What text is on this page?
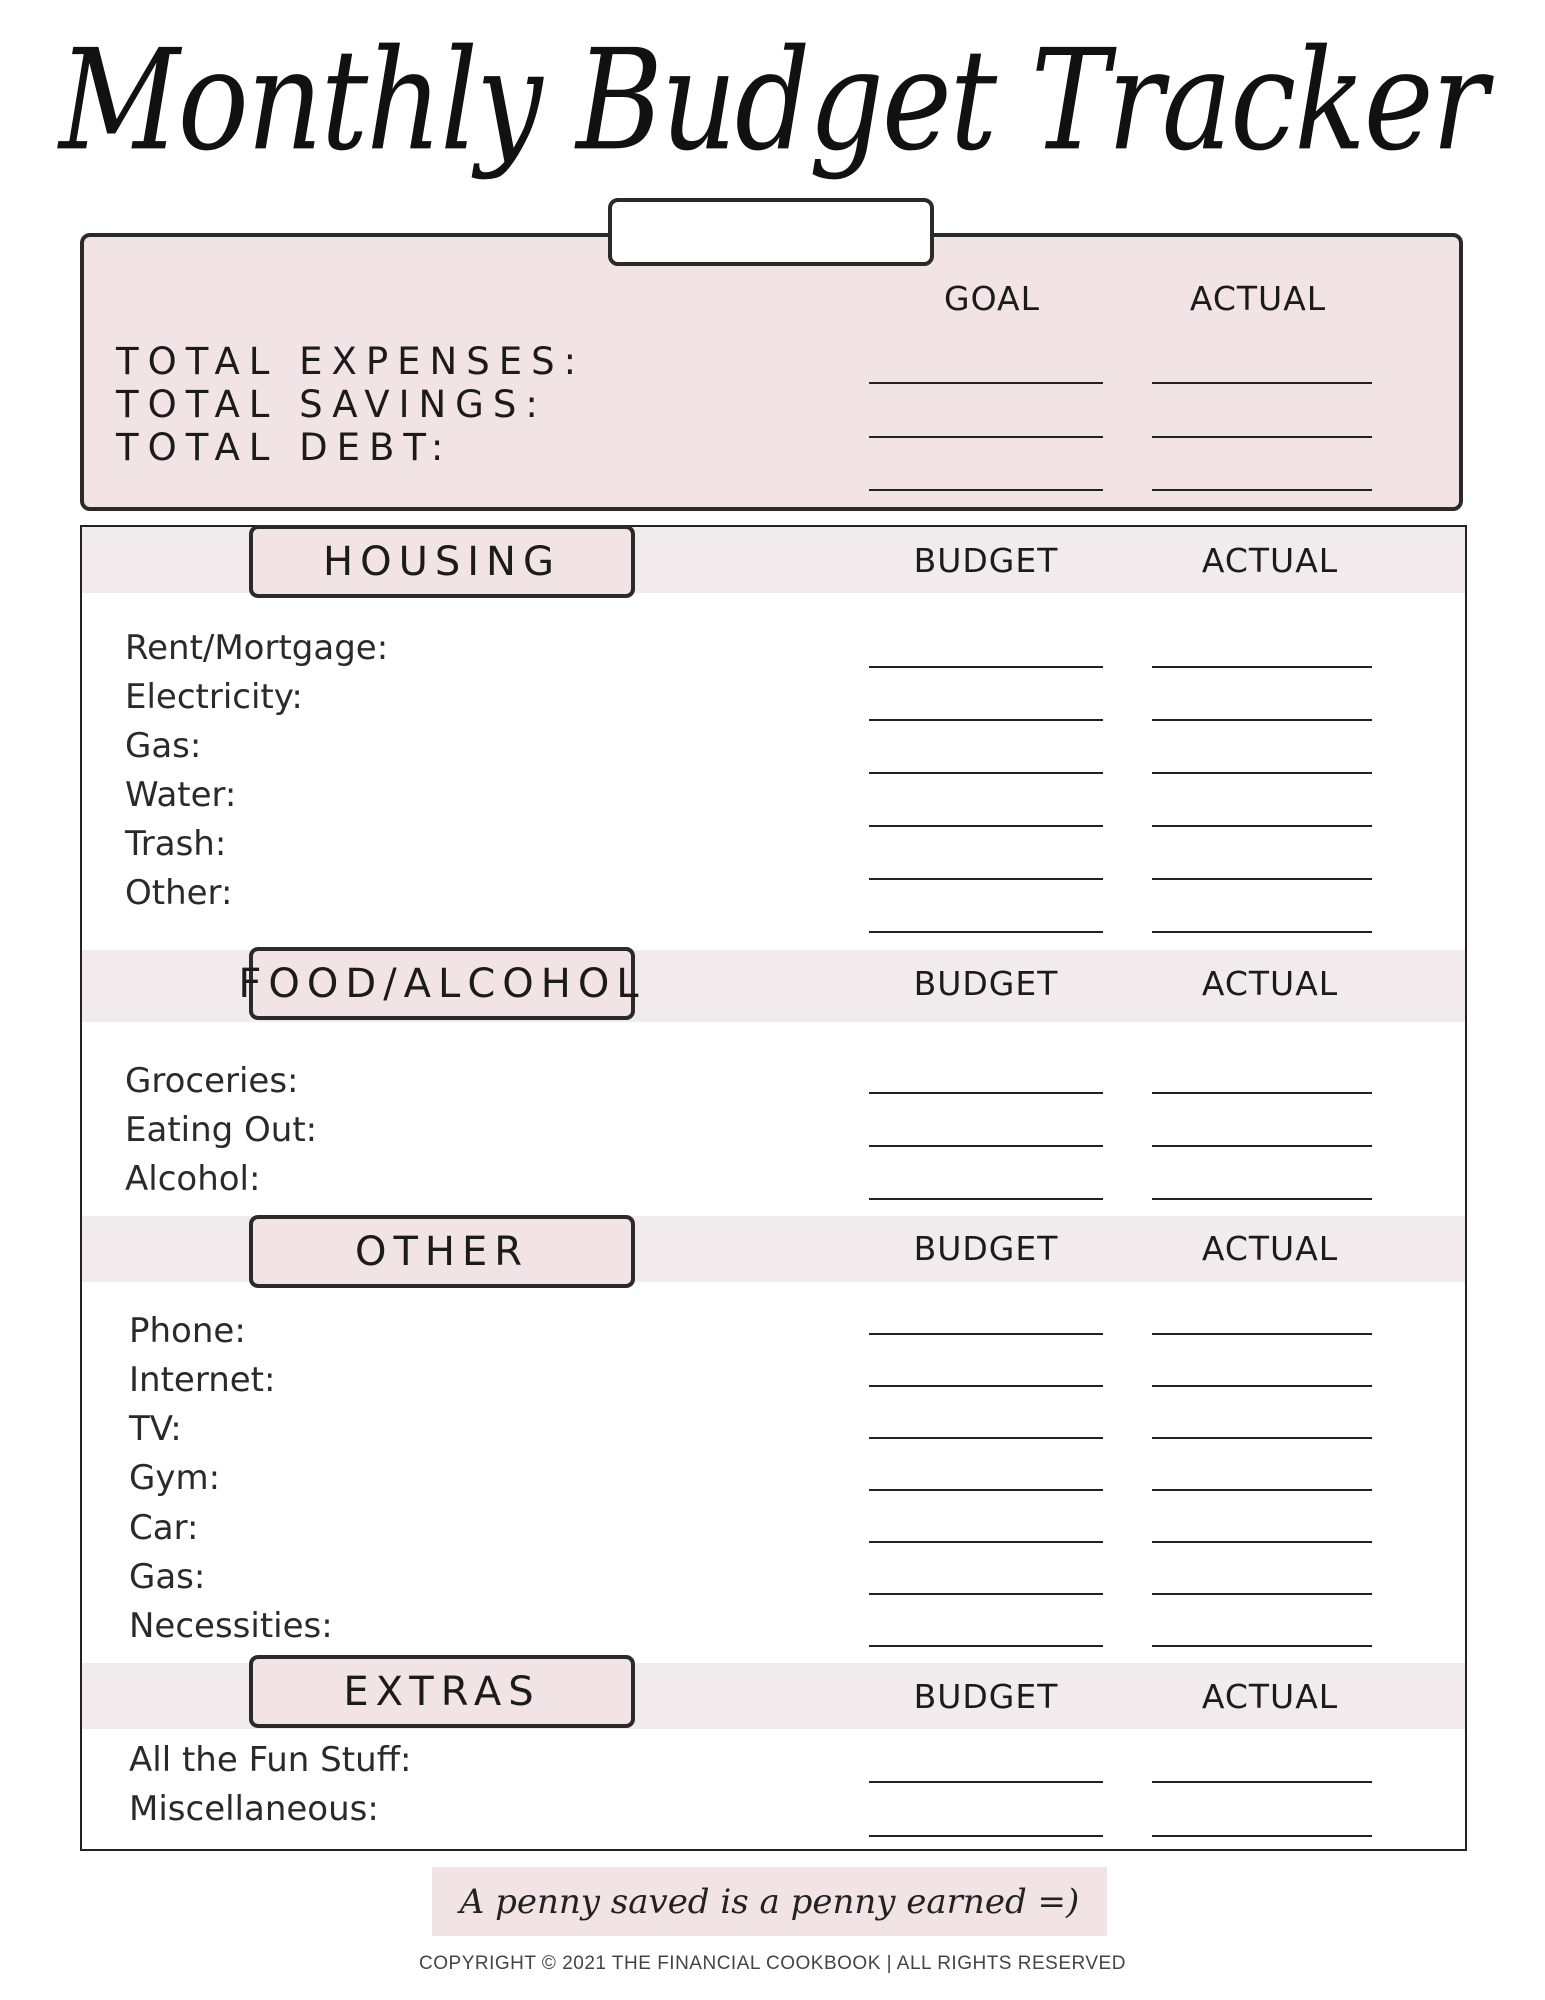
Monthly Budget Tracker
GOAL	ACTUAL
TOTAL EXPENSES:
TOTAL SAVINGS:
TOTAL DEBT:
HOUSING	BUDGET	ACTUAL
Rent/Mortgage:
Electricity:
Gas:
Water:
Trash:
Other:
FOOD/ALCOHOL	BUDGET	ACTUAL
Groceries:
Eating Out:
Alcohol:
OTHER	BUDGET	ACTUAL
Phone:
Internet:
TV:
Gym:
Car:
Gas:
Necessities:
EXTRAS	BUDGET	ACTUAL
All the Fun Stuff:
Miscellaneous:
A penny saved is a penny earned =)
COPYRIGHT © 2021 THE FINANCIAL COOKBOOK | ALL RIGHTS RESERVED
